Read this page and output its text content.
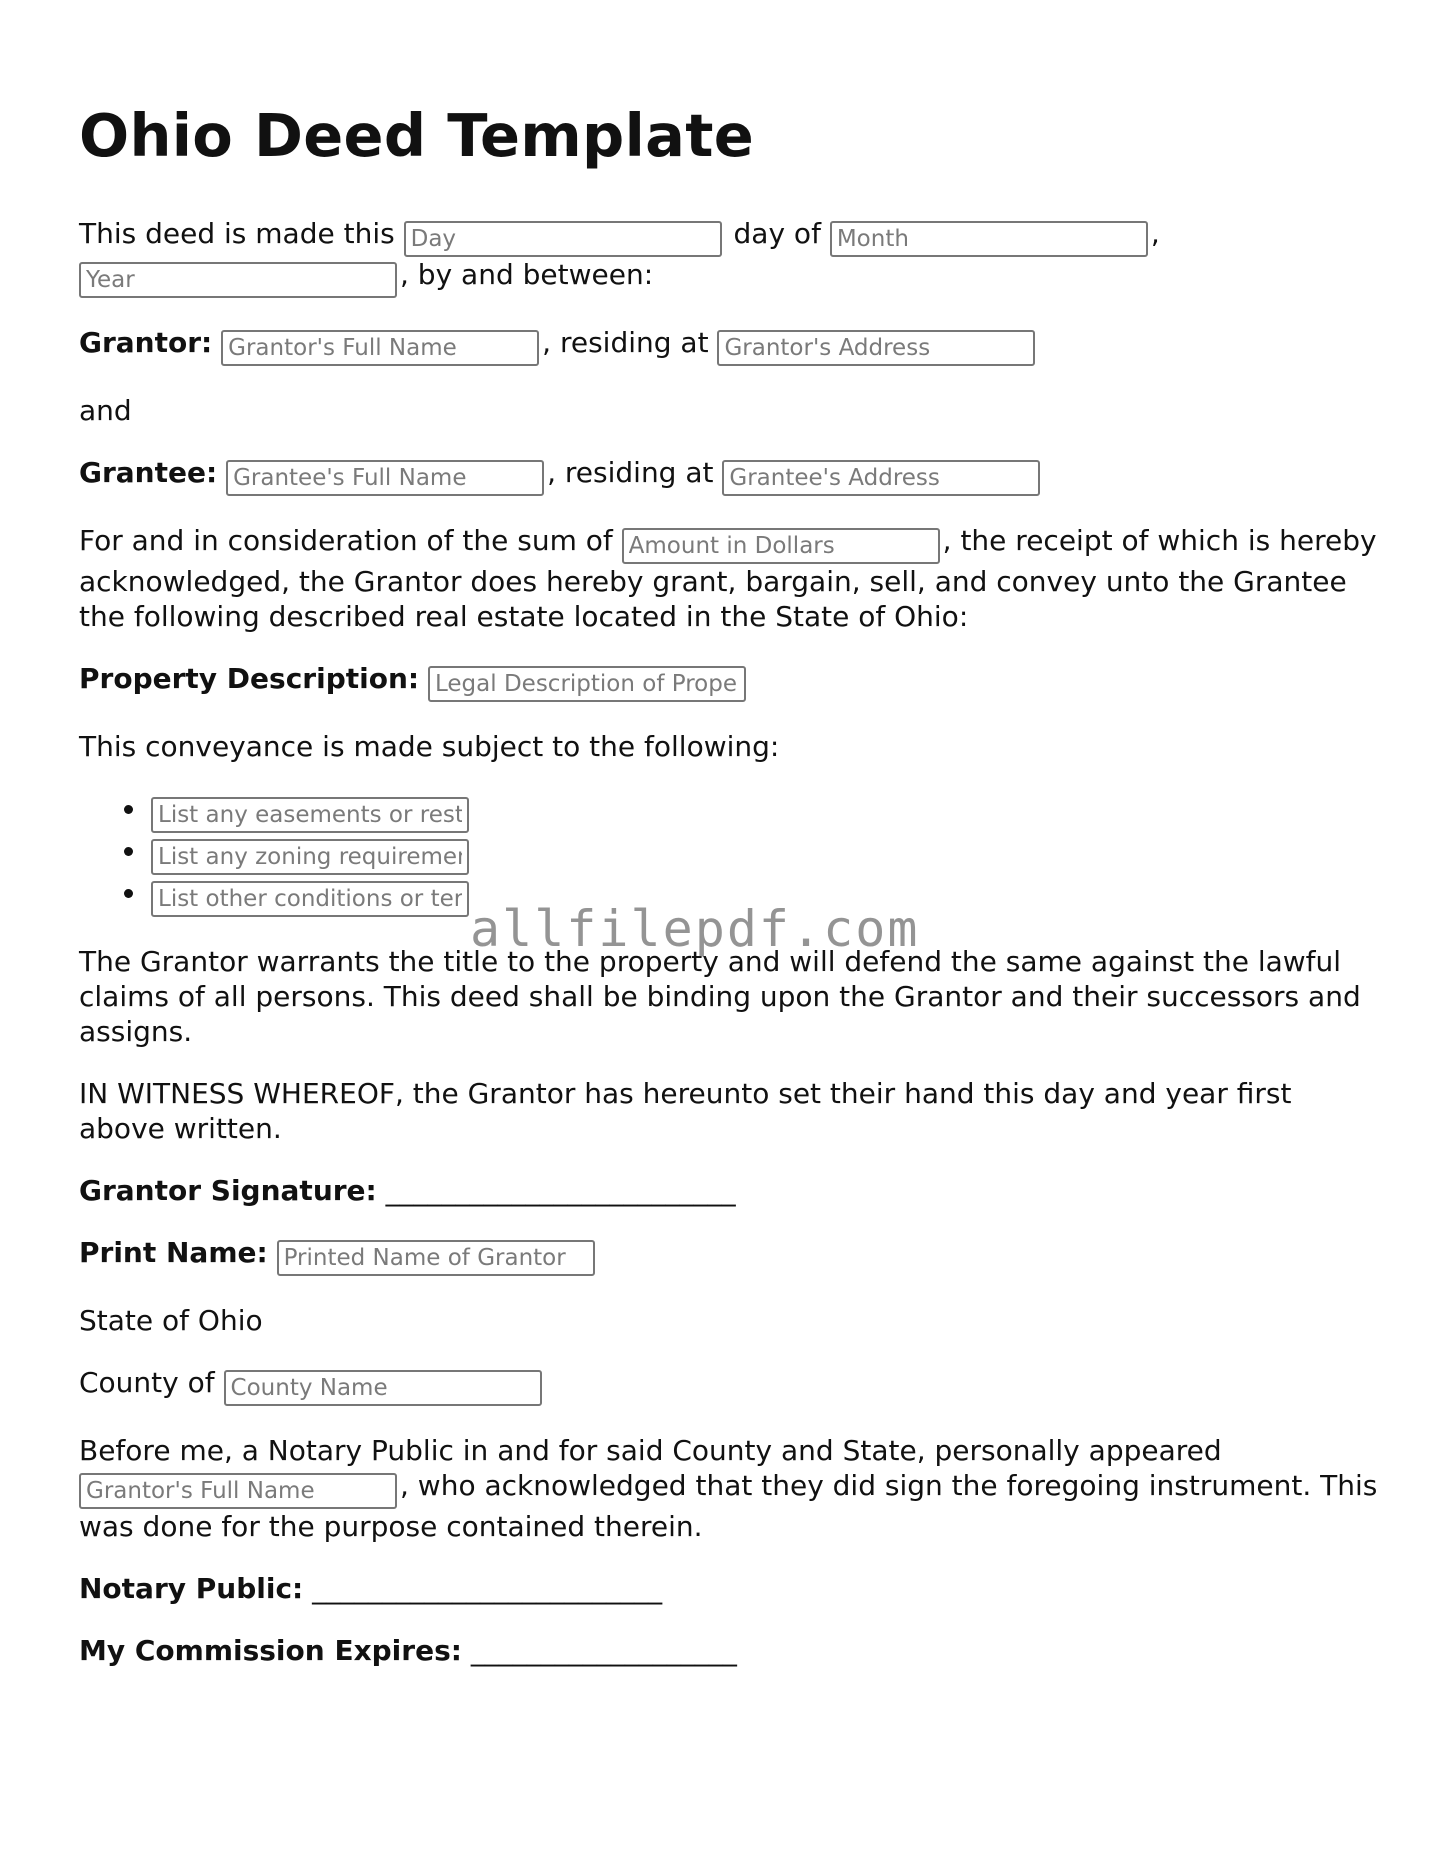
Ohio Deed Template

This deed is made this Day	day of Month	,
Year, by and between:

Grantor: Grantor's Full Name	, residing at Grantor's Address

and

Grantee: Grantee's Full Name	, residing at Grantee's Address

For and in consideration of the sum of Amount in Dollars	, the receipt of which is hereby acknowledged, the Grantor does hereby grant, bargain, sell, and convey unto the Grantee the following described real estate located in the State of Ohio:

Property Description: Legal Description of Property

This conveyance is made subject to the following:

List any easements or restrictions
List any zoning requirements
List other conditions or terms

The Grantor warrants the title to the property and will defend the same against the lawful claims of all persons. This deed shall be binding upon the Grantor and their successors and assigns.

IN WITNESS WHEREOF, the Grantor has hereunto set their hand this day and year first above written.

Grantor Signature: _________________________

Print Name: Printed Name of Grantor

State of Ohio

County of County Name

Before me, a Notary Public in and for said County and State, personally appeared
Grantor's Full Name, who acknowledged that they did sign the foregoing instrument. This was done for the purpose contained therein.

Notary Public: _________________________

My Commission Expires: ___________________

allfilepdf.com
